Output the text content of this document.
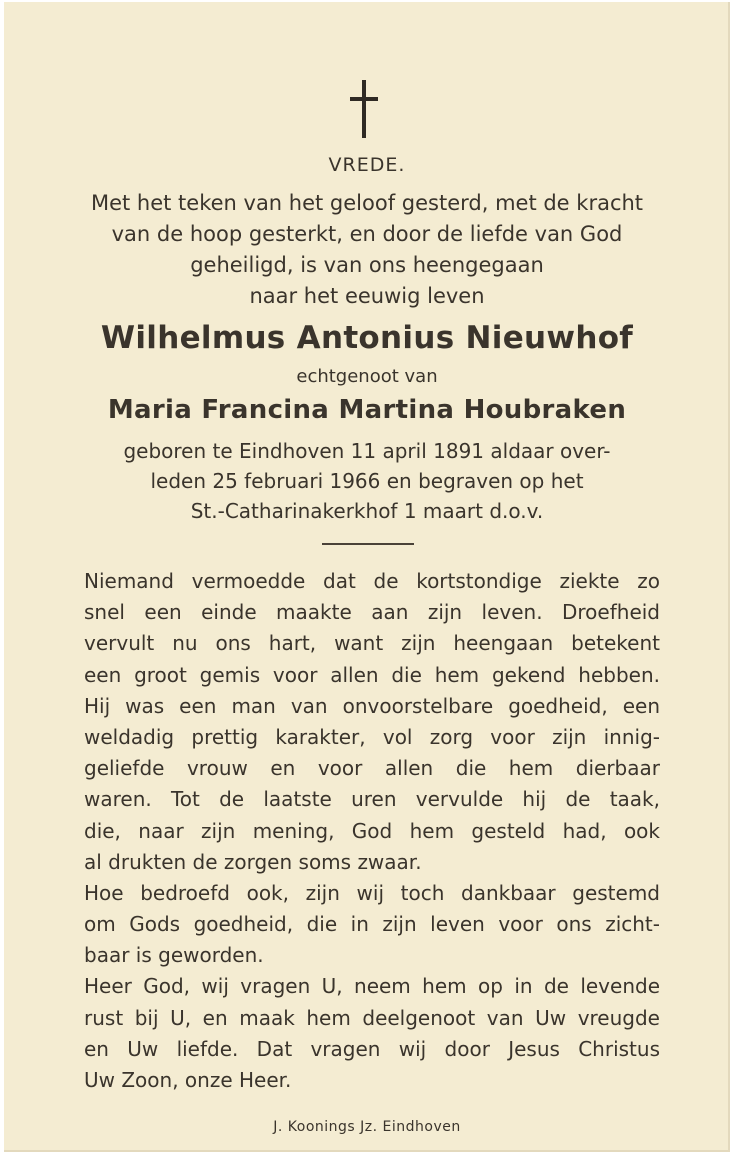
VREDE.
Met het teken van het geloof gesterd, met de kracht
van de hoop gesterkt, en door de liefde van God
geheiligd, is van ons heengegaan
naar het eeuwig leven
Wilhelmus Antonius Nieuwhof
echtgenoot van
Maria Francina Martina Houbraken
geboren te Eindhoven 11 april 1891 aldaar over-
leden 25 februari 1966 en begraven op het
St.-Catharinakerkhof 1 maart d.o.v.
Niemand vermoedde dat de kortstondige ziekte zo
snel een einde maakte aan zijn leven. Droefheid
vervult nu ons hart, want zijn heengaan betekent
een groot gemis voor allen die hem gekend hebben.
Hij was een man van onvoorstelbare goedheid, een
weldadig prettig karakter, vol zorg voor zijn innig-
geliefde vrouw en voor allen die hem dierbaar
waren. Tot de laatste uren vervulde hij de taak,
die, naar zijn mening, God hem gesteld had, ook
al drukten de zorgen soms zwaar.
Hoe bedroefd ook, zijn wij toch dankbaar gestemd
om Gods goedheid, die in zijn leven voor ons zicht-
baar is geworden.
Heer God, wij vragen U, neem hem op in de levende
rust bij U, en maak hem deelgenoot van Uw vreugde
en Uw liefde. Dat vragen wij door Jesus Christus
Uw Zoon, onze Heer.
J. Koonings Jz. Eindhoven
